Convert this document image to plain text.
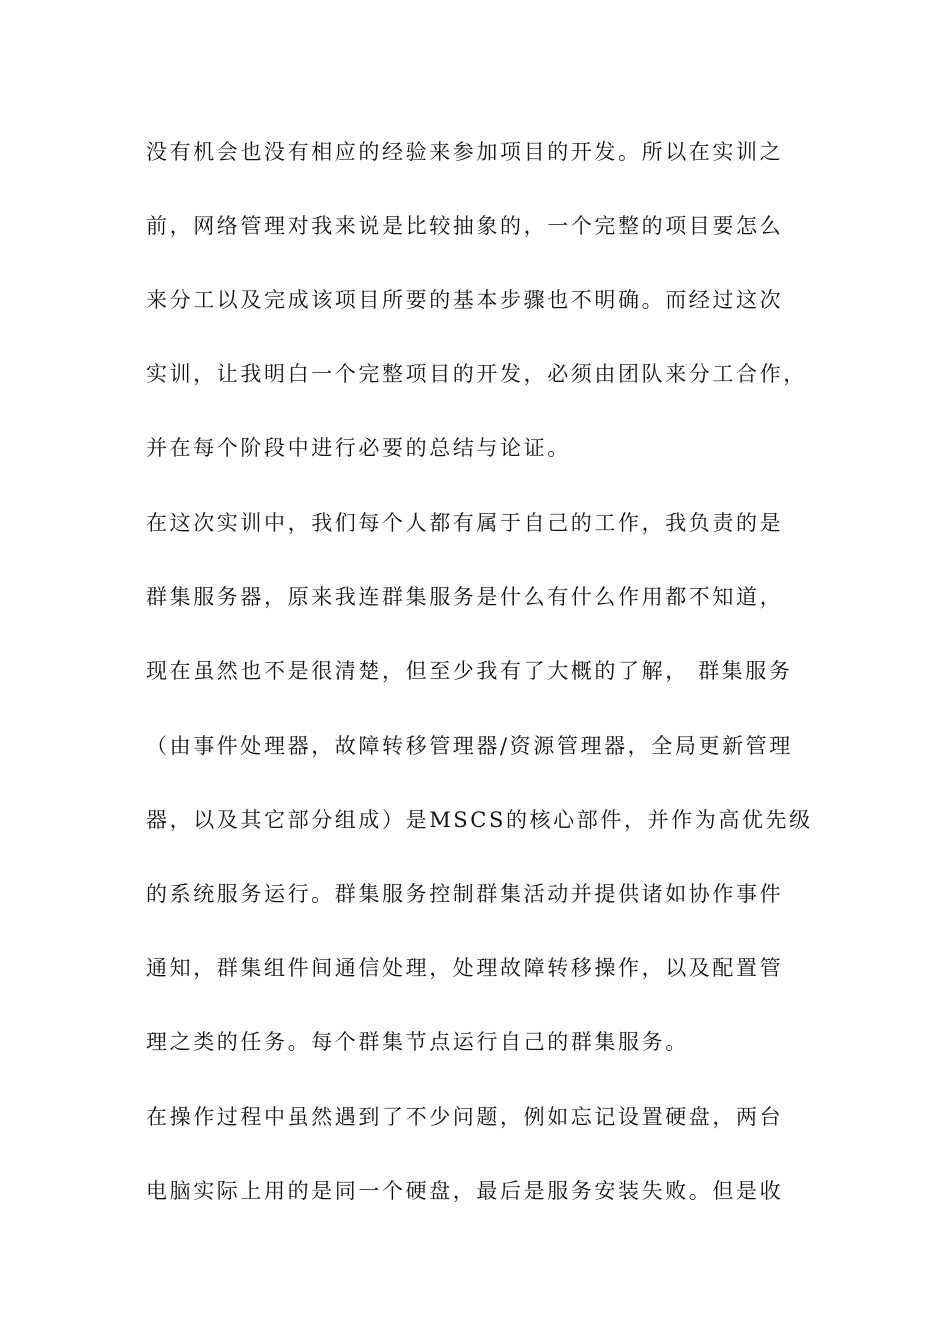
没有机会也没有相应的经验来参加项目的开发。所以在实训之
前，网络管理对我来说是比较抽象的，一个完整的项目要怎么
来分工以及完成该项目所要的基本步骤也不明确。而经过这次
实训，让我明白一个完整项目的开发，必须由团队来分工合作，
并在每个阶段中进行必要的总结与论证。
在这次实训中，我们每个人都有属于自己的工作，我负责的是
群集服务器，原来我连群集服务是什么有什么作用都不知道，
现在虽然也不是很清楚，但至少我有了大概的了解， 群集服务
（由事件处理器，故障转移管理器/资源管理器，全局更新管理
器，以及其它部分组成）是MSCS的核心部件，并作为高优先级
的系统服务运行。群集服务控制群集活动并提供诸如协作事件
通知，群集组件间通信处理，处理故障转移操作，以及配置管
理之类的任务。每个群集节点运行自己的群集服务。
在操作过程中虽然遇到了不少问题，例如忘记设置硬盘，两台
电脑实际上用的是同一个硬盘，最后是服务安装失败。但是收
